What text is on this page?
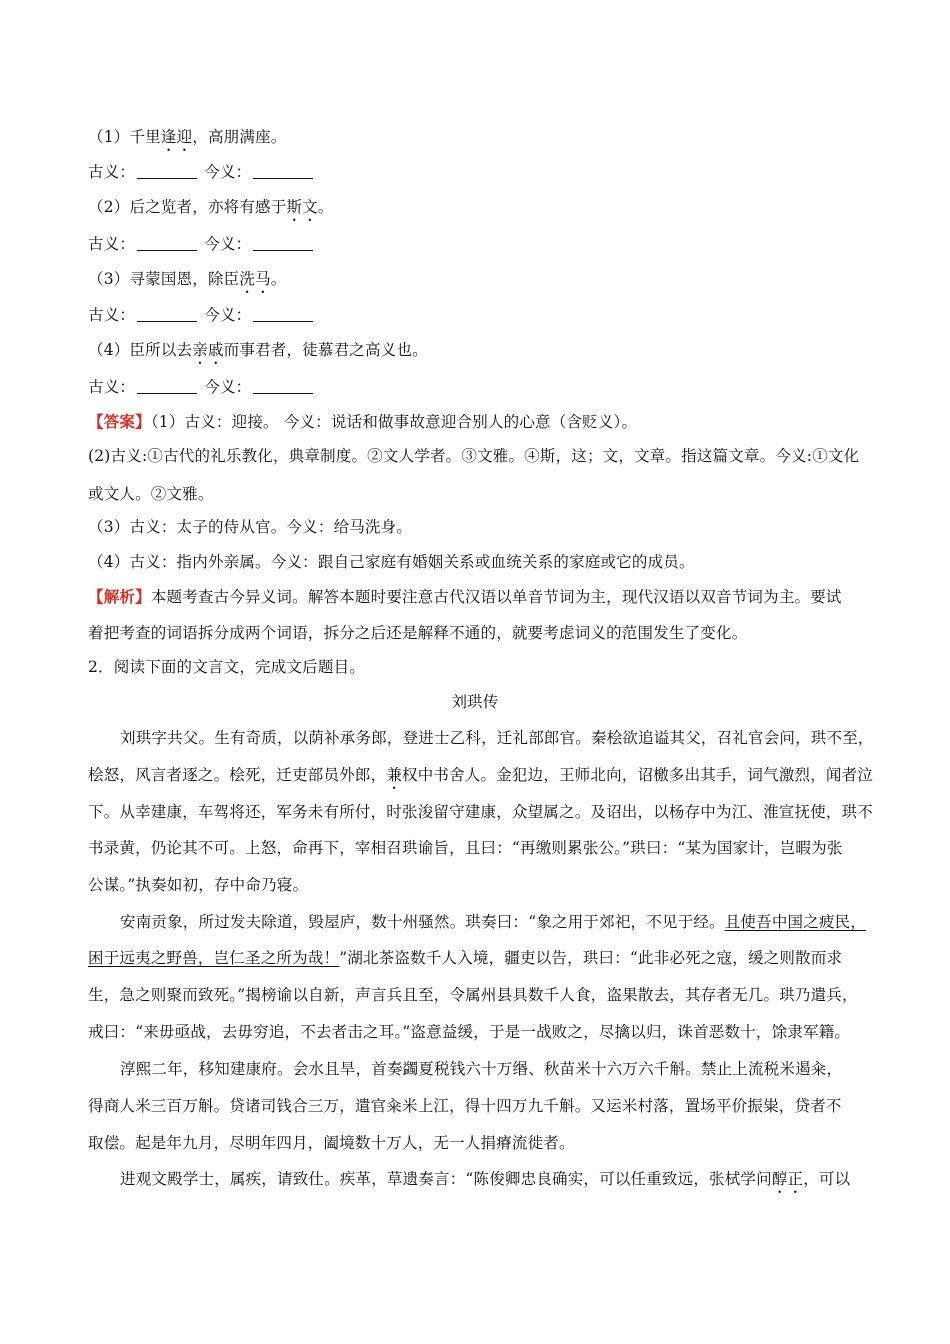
（1）千里逢迎，高朋满座。
古义：	今义：
（2）后之览者，亦将有感于斯文。
古义：	今义：
（3）寻蒙国恩，除臣洗马。
古义：	今义：
（4）臣所以去亲戚而事君者，徒慕君之高义也。
古义：	今义：
【答案】（1）古义：迎接。 今义：说话和做事故意迎合别人的心意（含贬义）。
(2)古义:①古代的礼乐教化，典章制度。②文人学者。③文雅。④斯，这；文，文章。指这篇文章。今义:①文化
或文人。②文雅。
（3）古义：太子的侍从官。今义：给马洗身。
（4）古义：指内外亲属。今义：跟自己家庭有婚姻关系或血统关系的家庭或它的成员。
【解析】本题考查古今异义词。解答本题时要注意古代汉语以单音节词为主，现代汉语以双音节词为主。要试
着把考查的词语拆分成两个词语，拆分之后还是解释不通的，就要考虑词义的范围发生了变化。
2．阅读下面的文言文，完成文后题目。
刘珙传
刘珙字共父。生有奇质，以荫补承务郎，登进士乙科，迁礼部郎官。秦桧欲追谥其父，召礼官会问，珙不至，
桧怒，风言者逐之。桧死，迁吏部员外郎，兼权中书舍人。金犯边，王师北向，诏檄多出其手，词气激烈，闻者泣
下。从幸建康，车驾将还，军务未有所付，时张浚留守建康，众望属之。及诏出，以杨存中为江、淮宣抚使，珙不
书录黄，仍论其不可。上怒，命再下，宰相召珙谕旨，且曰：“再缴则累张公。”珙曰：“某为国家计，岂暇为张
公谋。”执奏如初，存中命乃寝。
安南贡象，所过发夫除道，毁屋庐，数十州骚然。珙奏曰：“象之用于郊祀，不见于经。且使吾中国之疲民，
困于远夷之野兽，岂仁圣之所为哉！”湖北茶盗数千人入境，疆吏以告，珙曰：“此非必死之寇，缓之则散而求
生，急之则聚而致死。”揭榜谕以自新，声言兵且至，令属州县具数千人食，盗果散去，其存者无几。珙乃遣兵，
戒曰：“来毋亟战，去毋穷追，不去者击之耳。”盗意益缓，于是一战败之，尽擒以归，诛首恶数十，馀隶军籍。
淳熙二年，移知建康府。会水且旱，首奏蠲夏税钱六十万缗、秋苗米十六万六千斛。禁止上流税米遏籴，
得商人米三百万斛。贷诸司钱合三万，遣官籴米上江，得十四万九千斛。又运米村落，置场平价振粜，贷者不
取偿。起是年九月，尽明年四月，阖境数十万人，无一人捐瘠流徙者。
进观文殿学士，属疾，请致仕。疾革，草遗奏言：“陈俊卿忠良确实，可以任重致远，张栻学问醇正，可以
